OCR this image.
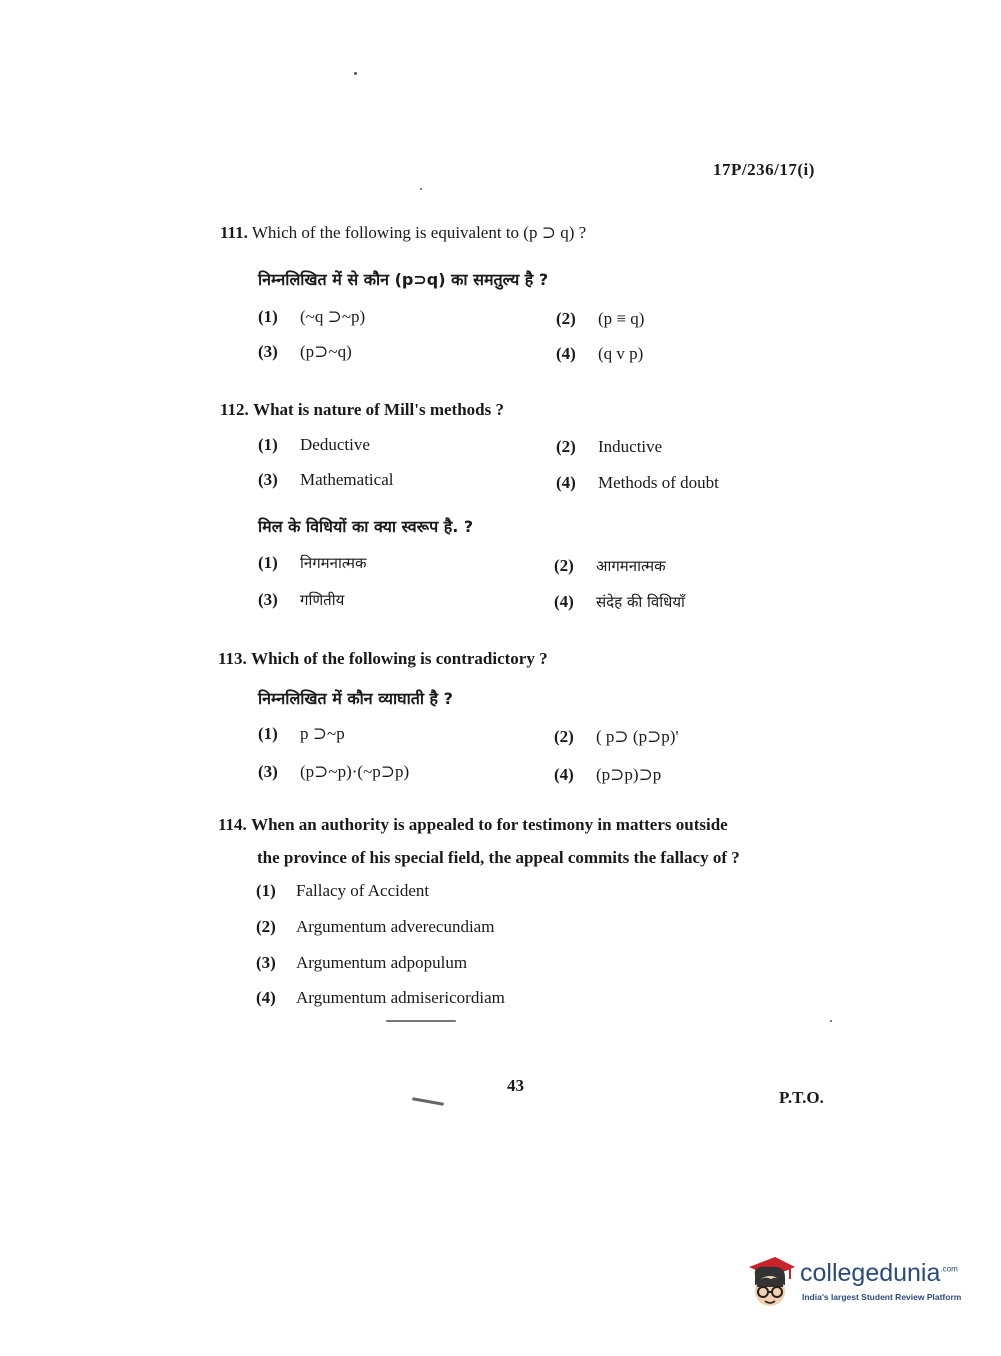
17P/236/17(i)
111. Which of the following is equivalent to (p ⊃ q) ?
निम्नलिखित में से कौन (p⊃q) का समतुल्य है ?
(1) (~q ⊃~p)	(2) (p ≡ q)
(3) (p⊃~q)	(4) (q v p)
112. What is nature of Mill's methods ?
(1) Deductive	(2) Inductive
(3) Mathematical	(4) Methods of doubt
मिल के विधियों का क्या स्वरूप है. ?
(1) निगमनात्मक	(2) आगमनात्मक
(3) गणितीय	(4) संदेह की विधियाँ
113. Which of the following is contradictory ?
निम्नलिखित में कौन व्याघाती है ?
(1) p ⊃~p	(2) ( p⊃ (p⊃p)'
(3) (p⊃~p)·(~p⊃p)	(4) (p⊃p)⊃p
114. When an authority is appealed to for testimony in matters outside
the province of his special field, the appeal commits the fallacy of ?
(1) Fallacy of Accident
(2) Argumentum adverecundiam
(3) Argumentum adpopulum
(4) Argumentum admisericordiam
43
P.T.O.
collegedunia$^{.com}$
India's largest Student Review Platform
